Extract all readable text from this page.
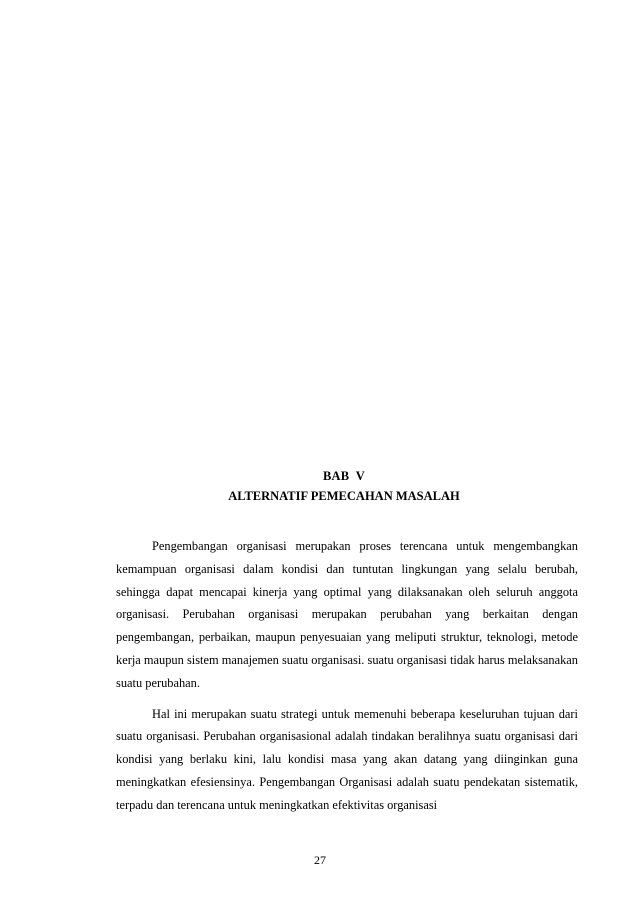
BAB  V
ALTERNATIF PEMECAHAN MASALAH

Pengembangan organisasi merupakan proses terencana untuk mengembangkan kemampuan organisasi dalam kondisi dan tuntutan lingkungan yang selalu berubah, sehingga dapat mencapai kinerja yang optimal yang dilaksanakan oleh seluruh anggota organisasi. Perubahan organisasi merupakan perubahan yang berkaitan dengan pengembangan, perbaikan, maupun penyesuaian yang meliputi struktur, teknologi, metode kerja maupun sistem manajemen suatu organisasi. suatu organisasi tidak harus melaksanakan suatu perubahan.

Hal ini merupakan suatu strategi untuk memenuhi beberapa keseluruhan tujuan dari suatu organisasi. Perubahan organisasional adalah tindakan beralihnya suatu organisasi dari kondisi yang berlaku kini, lalu kondisi masa yang akan datang yang diinginkan guna meningkatkan efesiensinya. Pengembangan Organisasi adalah suatu pendekatan sistematik, terpadu dan terencana untuk meningkatkan efektivitas organisasi

27
